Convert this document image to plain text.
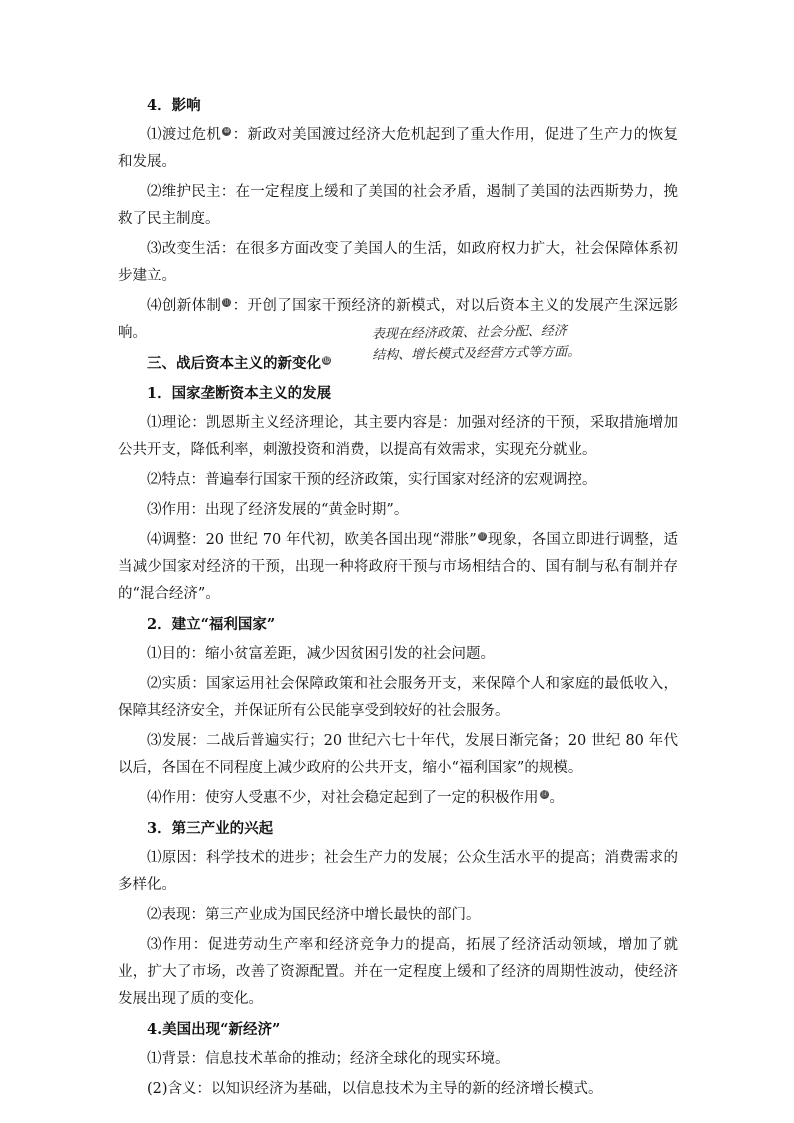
4．影响

⑴渡过危机 ⑩ ：新政对美国渡过经济大危机起到了重大作用，促进了生产力的恢复和发展。

⑵维护民主：在一定程度上缓和了美国的社会矛盾，遏制了美国的法西斯势力，挽救了民主制度。

⑶改变生活：在很多方面改变了美国人的生活，如政府权力扩大，社会保障体系初步建立。

⑷创新体制 ⑪ ：开创了国家干预经济的新模式，对以后资本主义的发展产生深远影响。

三、战后资本主义的新变化 ⑫

1．国家垄断资本主义的发展

⑴理论：凯恩斯主义经济理论，其主要内容是：加强对经济的干预，采取措施增加公共开支，降低利率，刺激投资和消费，以提高有效需求，实现充分就业。

⑵特点：普遍奉行国家干预的经济政策，实行国家对经济的宏观调控。

⑶作用：出现了经济发展的“黄金时期”。

⑷调整：20 世纪 70 年代初，欧美各国出现“滞胀” ⑬ 现象，各国立即进行调整，适当减少国家对经济的干预，出现一种将政府干预与市场相结合的、国有制与私有制并存的“混合经济”。

2．建立“福利国家”

⑴目的：缩小贫富差距，减少因贫困引发的社会问题。

⑵实质：国家运用社会保障政策和社会服务开支，来保障个人和家庭的最低收入，保障其经济安全，并保证所有公民能享受到较好的社会服务。

⑶发展：二战后普遍实行；20 世纪六七十年代，发展日渐完备；20 世纪 80 年代以后，各国在不同程度上减少政府的公共开支，缩小“福利国家”的规模。

⑷作用：使穷人受惠不少，对社会稳定起到了一定的积极作用 ⑭ 。

3．第三产业的兴起

⑴原因：科学技术的进步；社会生产力的发展；公众生活水平的提高；消费需求的多样化。

⑵表现：第三产业成为国民经济中增长最快的部门。

⑶作用：促进劳动生产率和经济竞争力的提高，拓展了经济活动领域，增加了就业，扩大了市场，改善了资源配置。并在一定程度上缓和了经济的周期性波动，使经济发展出现了质的变化。

4.美国出现“新经济”

⑴背景：信息技术革命的推动；经济全球化的现实环境。

(2)含义：以知识经济为基础，以信息技术为主导的新的经济增长模式。

表现在经济政策、社会分配、经济
结构、增长模式及经营方式等方面。
